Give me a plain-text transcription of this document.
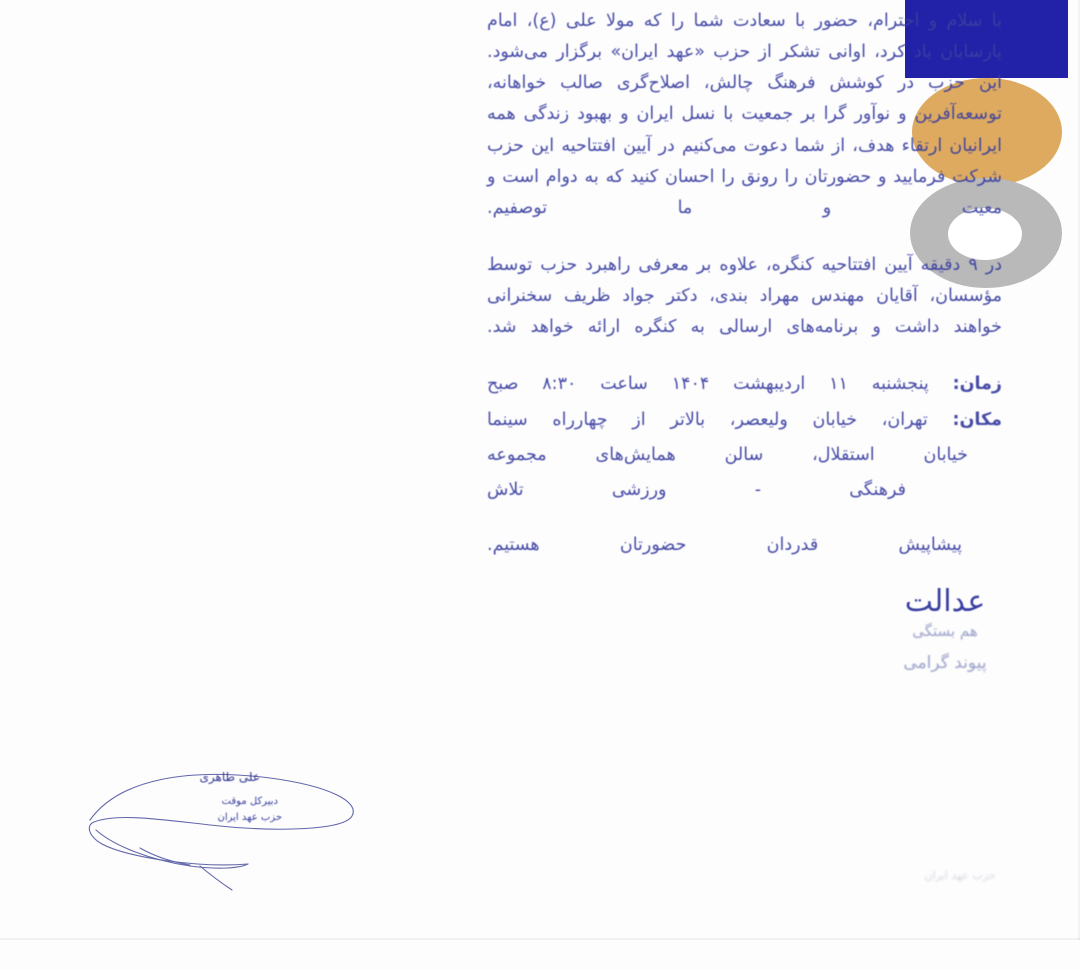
با سلام و احترام، حضور با سعادت شما را که مولا علی (ع)، امام پارسایان یاد کرد، اوانی تشکر از حزب «عهد ایران» برگزار می‌شود. این حزب در کوشش فرهنگ چالش، اصلاح‌گری صالب خواهانه، توسعه‌آفرین و نوآور گرا بر جمعیت با نسل ایران و بهبود زندگی همه ایرانیان ارتقاء هدف، از شما دعوت می‌کنیم در آیین افتتاحیه این حزب شرکت فرمایید و حضورتان را رونق را احسان کنید که به دوام است و معیت و ما توصفیم.

در ۹ دقیقه آیین افتتاحیه کنگره، علاوه بر معرفی راهبرد حزب توسط مؤسسان، آقایان مهندس مهراد بندی، دکتر جواد ظریف سخنرانی خواهند داشت و برنامه‌های ارسالی به کنگره ارائه خواهد شد.

زمان: پنجشنبه ۱۱ اردیبهشت ۱۴۰۴ ساعت ۸:۳۰ صبح
مکان: تهران، خیابان ولیعصر، بالاتر از چهارراه سینما
خیابان استقلال، سالن همایش‌های مجموعه
فرهنگی - ورزشی تلاش

پیشاپیش قدردان حضورتان هستیم.

علی طاهری
دبیرکل موقت
حزب عهد ایران
عدالت
هم بستگی
پیوند گرامی
حزب عهد ایران
